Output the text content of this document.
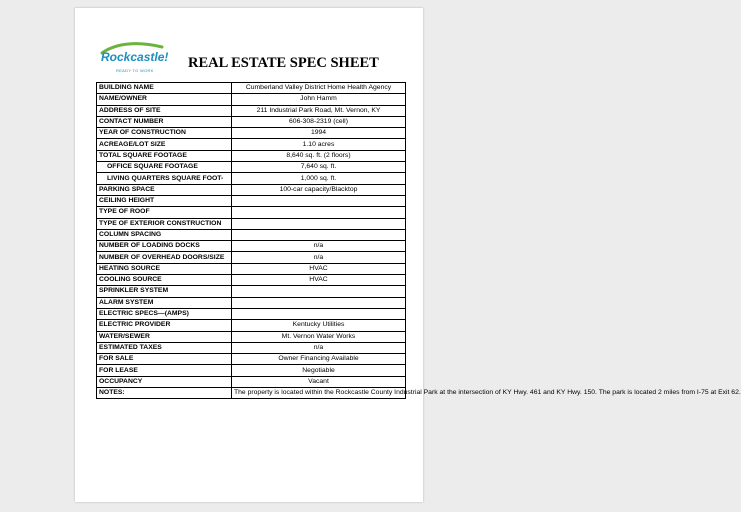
Rockcastle!
READY TO WORK REAL ESTATE SPEC SHEET
BUILDING NAME	Cumberland Valley District Home Health Agency
NAME/OWNER	John Hamm
ADDRESS OF SITE	211 Industrial Park Road, Mt. Vernon, KY
CONTACT NUMBER	606-308-2319 (cell)
YEAR OF CONSTRUCTION	1994
ACREAGE/LOT SIZE	1.10 acres
TOTAL SQUARE FOOTAGE	8,640 sq. ft. (2 floors)
OFFICE SQUARE FOOTAGE	7,640 sq. ft.
LIVING QUARTERS SQUARE FOOT-	1,000 sq. ft.
PARKING SPACE	100-car capacity/Blacktop
CEILING HEIGHT	
TYPE OF ROOF	
TYPE OF EXTERIOR CONSTRUCTION	
COLUMN SPACING	
NUMBER OF LOADING DOCKS	n/a
NUMBER OF OVERHEAD DOORS/SIZE	n/a
HEATING SOURCE	HVAC
COOLING SOURCE	HVAC
SPRINKLER SYSTEM	
ALARM SYSTEM	
ELECTRIC SPECS—(AMPS)	
ELECTRIC PROVIDER	Kentucky Utilities
WATER/SEWER	Mt. Vernon Water Works
ESTIMATED TAXES	n/a
FOR SALE	Owner Financing Available
FOR LEASE	Negotiable
OCCUPANCY	Vacant
NOTES:	The property is located within the Rockcastle County Industrial Park at the intersection of KY Hwy. 461 and KY Hwy. 150. The park is located 2 miles from I-75 at Exit 62.
